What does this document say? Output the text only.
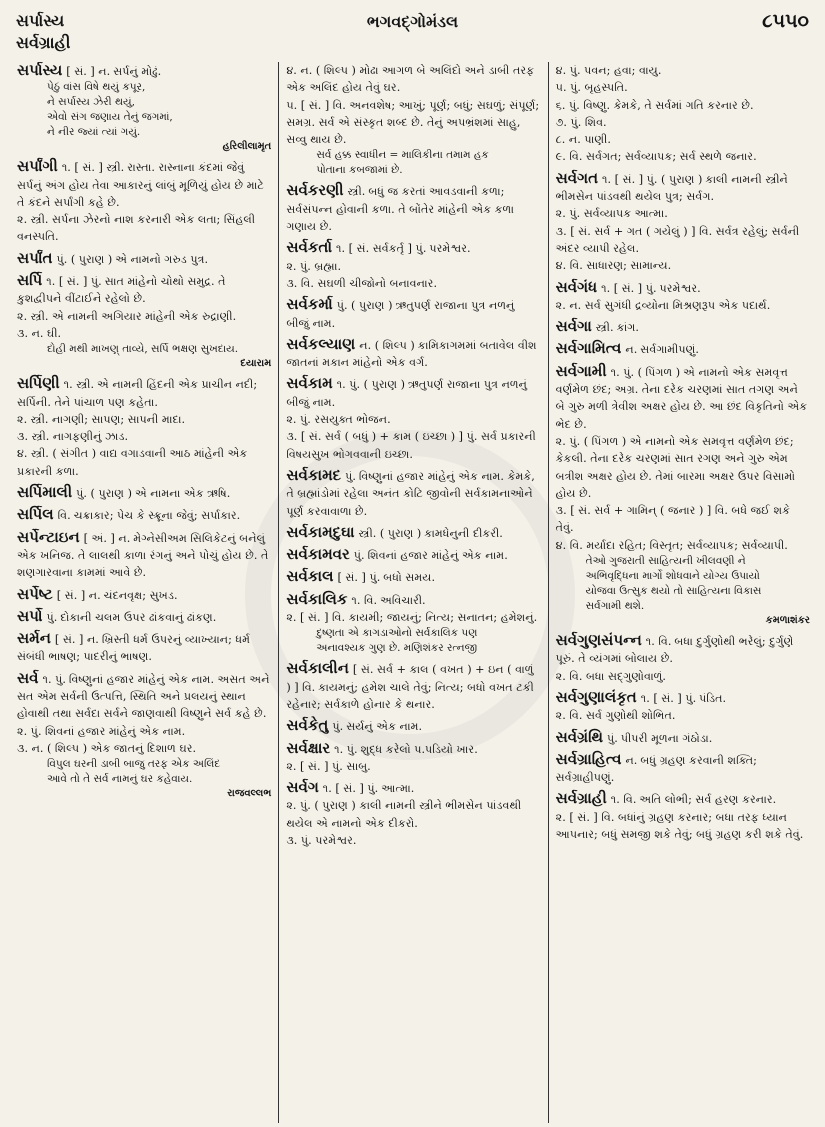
સર્પાસ્ય
સર્વગ્રાહી
ભગવદ્ગોમંડલ	૮૫૫૦
સર્પાસ્ય [ સં. ] ન. સર્પનું મોઢું.
પેઠું વાંસ વિષે થયું કપૂર,
ને સર્પાસ્ય ઝેરી થયું,
એવો સંગ જણાય તેનું જગમાં,
ને નીર જ્યાં ત્યાં ગયું.
હરિલીલામૃત
સર્પાંગી ૧. [ સં. ] સ્ત્રી. રાસ્તા. રાસ્નાના કંદમાં જેવું સર્પનું અંગ હોય તેવા આકારનું લાંબું મૂળિયું હોય છે માટે તે કંદને સર્પાંગી કહે છે.
૨. સ્ત્રી. સર્પના ઝેરનો નાશ કરનારી એક લતા; સિંહલી વનસ્પતિ.
સર્પાંત પું. ( પુરાણ ) એ નામનો ગરુડ પુત્ર.
સર્પિ ૧. [ સં. ] પું. સાત માંહેનો ચોથો સમુદ્ર. તે કુશદ્વીપને વીંટાઈને રહેલો છે.
૨. સ્ત્રી. એ નામની અગિયાર માંહેની એક રુદ્રાણી.
૩. ન. ઘી.
દોહી મથી માખણ્ તાવ્યે, સર્પિ ભક્ષણ સુખદાય.
દયારામ
સર્પિણી ૧. સ્ત્રી. એ નામની હિંદની એક પ્રાચીન નદી; સર્પિની. તેને પાંચાળ પણ કહેતા.
૨. સ્ત્રી. નાગણી; સાપણ; સાપની માદા.
૩. સ્ત્રી. નાગફણીનું ઝાડ.
૪. સ્ત્રી. ( સંગીત ) વાદ્ય વગાડવાની આઠ માંહેની એક પ્રકારની કળા.
સર્પિમાલી પું. ( પુરાણ ) એ નામના એક ઋષિ.
સર્પિલ વિ. ચક્રાકાર; પેચ કે સ્ક્રૂના જેવું; સર્પાકાર.
સર્પેન્ટાઇન [ અં. ] ન. મેગ્નેસીઅમ સિલિકેટનું બનેલું એક ખનિજ. તે લાલથી કાળા રંગનું અને પોચું હોય છે. તે શણગારવાના કામમાં આવે છે.
સર્પેષ્ટ [ સં. ] ન. ચંદનવૃક્ષ; સુખડ.
સર્પો પું. દોકાની ચલમ ઉપર ઢાંકવાનું ઢાંકણ.
સર્મન [ સં. ] ન. ખ્રિસ્તી ધર્મ ઉપરનું વ્યાખ્યાન; ધર્મ સંબંધી ભાષણ; પાદરીનું ભાષણ.
સર્વ ૧. પું. વિષ્ણુનાં હજાર માંહેનું એક નામ. અસત અને સત એમ સર્વની ઉત્પત્તિ, સ્થિતિ અને પ્રલયનું સ્થાન હોવાથી તથા સર્વદા સર્વને જાણવાથી વિષ્ણુને સર્વ કહે છે.
૨. પું. શિવનાં હજાર માંહેનું એક નામ.
૩. ન. ( શિલ્પ ) એક જાતનું દિશાળ ઘર.
વિપુલ ઘરની ડાબી બાજુ તરફ એક અલિંદ
આવે તો તે સર્વ નામનું ઘર કહેવાય.
રાજવલ્લભ
૪. ન. ( શિલ્પ ) મોઢા આગળ બે અલિંદો અને ડાબી તરફ એક અલિંદ હોય તેવું ઘર.
૫. [ સં. ] વિ. અનવશેષ; આખું; પૂર્ણ; બધું; સઘળું; સંપૂર્ણ; સમગ્ર. સર્વ એ સંસ્કૃત શબ્દ છે. તેનું અપભ્રંશમાં સાહુ, સવ્વુ થાય છે.
સર્વ હક્ક સ્વાધીન = માલિકીના તમામ હક
પોતાના કબજામાં છે.
સર્વકરણી સ્ત્રી. બધું જ કરતાં આવડવાની કળા; સર્વસંપન્ન હોવાની કળા. તે બોંતેર માંહેની એક કળા ગણાય છે.
સર્વકર્તા ૧. [ સં. સર્વકર્તૃ ] પું. પરમેશ્વર.
૨. પું. બ્રહ્મા.
૩. વિ. સઘળી ચીજોનો બનાવનાર.
સર્વકર્મા પું. ( પુરાણ ) ઋતુપર્ણ રાજાના પુત્ર નળનું બીજું નામ.
સર્વકલ્યાણ ન. ( શિલ્પ ) કામિકાગમમાં બતાવેલ વીશ જાતનાં મકાન માંહેનો એક વર્ગ.
સર્વકામ ૧. પું. ( પુરાણ ) ઋતુપર્ણ રાજાના પુત્ર નળનું બીજું નામ.
૨. પું. રસયુક્ત ભોજન.
૩. [ સં. સર્વ ( બધું ) + કામ ( ઇચ્છા ) ] પું. સર્વ પ્રકારની વિષયસુખ ભોગવવાની ઇચ્છા.
સર્વકામદ પું. વિષ્ણુનાં હજાર માંહેનું એક નામ. કેમકે, તે બ્રહ્માંડોમાં રહેલા અનંત કોટિ જીવોની સર્વકામનાઓને પૂર્ણ કરવાવાળા છે.
સર્વકામદુઘા સ્ત્રી. ( પુરાણ ) કામધેનુની દીકરી.
સર્વકામવર પું. શિવનાં હજાર માંહેનું એક નામ.
સર્વકાલ [ સં. ] પું. બધો સમય.
સર્વકાલિક ૧. વિ. અવિચારી.
૨. [ સં. ] વિ. કાયમી; જાયનું; નિત્ય; સનાતન; હમેશનું.
દુષ્ણતા એ કાગડાઓનો સર્વકાલિક પણ
અનાવશ્યક ગુણ છે. મણિશંકર રત્નજી
સર્વકાલીન [ સં. સર્વ + કાલ ( વખત ) + ઇન ( વાળું ) ] વિ. કાયમનું; હમેશ ચાલે તેવું; નિત્ય; બધો વખત ટકી રહેનાર; સર્વકાળે હોનાર કે થનાર.
સર્વકેતુ પું. સર્યનું એક નામ.
સર્વક્ષાર ૧. પું. શુદ્ધ કરેલો પ.પડિયો ખાર.
૨. [ સં. ] પું. સાબુ.
સર્વગ ૧. [ સં. ] પું. આત્મા.
૨. પું. ( પુરાણ ) કાલી નામની સ્ત્રીને ભીમસેન પાંડવથી થયેલ એ નામનો એક દીકરો.
૩. પું. પરમેશ્વર.
૪. પું. પવન; હવા; વાયુ.
૫. પું. બૃહસ્પતિ.
૬. પું. વિષ્ણુ. કેમકે, તે સર્વમાં ગતિ કરનાર છે.
૭. પું. શિવ.
૮. ન. પાણી.
૯. વિ. સર્વગત; સર્વવ્યાપક; સર્વ સ્થળે જનાર.
સર્વગત ૧. [ સં. ] પું. ( પુરાણ ) કાલી નામની સ્ત્રીને ભીમસેન પાંડવથી થયેલ પુત્ર; સર્વગ.
૨. પું. સર્વવ્યાપક આત્મા.
૩. [ સં. સર્વ + ગત ( ગયેલું ) ] વિ. સર્વત્ર રહેલું; સર્વની અંદર વ્યાપી રહેલ.
૪. વિ. સાધારણ; સામાન્ય.
સર્વગંધ ૧. [ સં. ] પું. પરમેશ્વર.
૨. ન. સર્વ સુગંધી દ્રવ્યોના મિશ્રણરૂપ એક પદાર્થ.
સર્વગા સ્ત્રી. કાંગ.
સર્વગામિત્વ ન. સર્વગામીપણું.
સર્વગામી ૧. પું. ( પિંગળ ) એ નામનો એક સમવૃત્ત વર્ણમેળ છંદ; અગ્ર. તેના દરેક ચરણમાં સાત તગણ અને બે ગુરુ મળી ત્રેવીશ અક્ષર હોય છે. આ છંદ વિકૃતિનો એક ભેદ છે.
૨. પું. ( પિંગળ ) એ નામનો એક સમવૃત્ત વર્ણમેળ છંદ; કેકલી. તેના દરેક ચરણમાં સાત રગણ અને ગુરુ એમ બત્રીશ અક્ષર હોય છે. તેમાં બારમા અક્ષર ઉપર વિસામો હોય છે.
૩. [ સં. સર્વ + ગામિન્ ( જનાર ) ] વિ. બધે જઈ શકે તેવું.
૪. વિ. મર્યાદા રહિત; વિસ્તૃત; સર્વવ્યાપક; સર્વવ્યાપી.
તેઓ ગુજરાતી સાહિત્યની ખીલવણી ને
અભિવૃદ્ધિના માર્ગો શોધવાને યોગ્ય ઉપાયો
યોજવા ઉત્સુક થયો તો સાહિત્યના વિકાસ
સર્વગામી થશે.
કમળાશંકર
સર્વગુણસંપન્ન ૧. વિ. બધા દુર્ગુણોથી ભરેલું; દુર્ગુણે પૂરું. તે વ્યંગમાં બોલાય છે.
૨. વિ. બધા સદ્ગુણોવાળું.
સર્વગુણાલંકૃત ૧. [ સં. ] પું. પંડિત.
૨. વિ. સર્વ ગુણોથી શોભિત.
સર્વગ્રંથિ પું. પીપરી મૂળના ગંઠોડા.
સર્વગ્રાહિત્વ ન. બધું ગ્રહણ કરવાની શક્તિ; સર્વગ્રાહીપણું.
સર્વગ્રાહી ૧. વિ. અતિ લોભી; સર્વ હરણ કરનાર.
૨. [ સં. ] વિ. બધાંનું ગ્રહણ કરનાર; બધા તરફ ધ્યાન આપનાર; બધું સમજી શકે તેવું; બધું ગ્રહણ કરી શકે તેવું.
